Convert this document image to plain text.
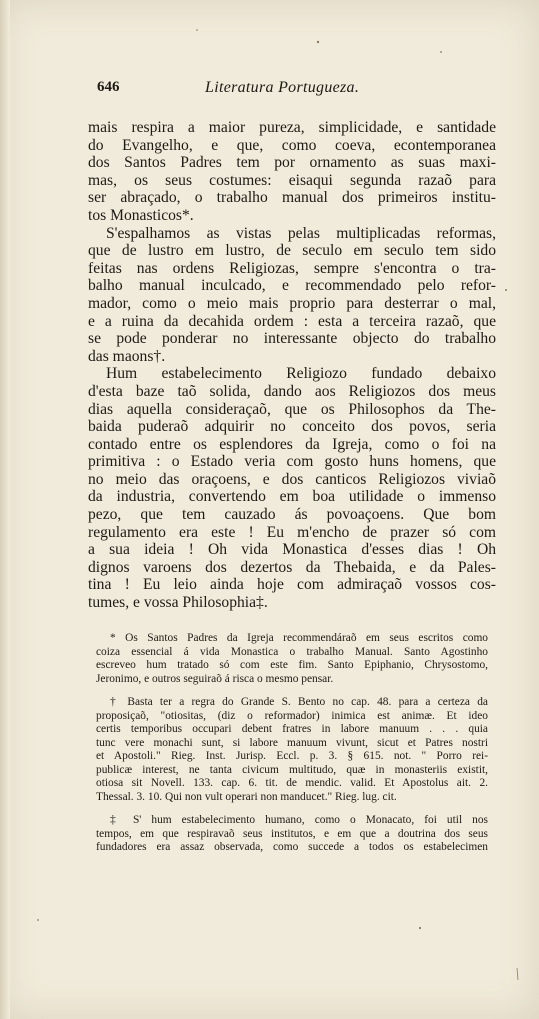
646	Literatura Portugueza.
mais respira a maior pureza, simplicidade, e santidade
do Evangelho, e que, como coeva, econtemporanea
dos Santos Padres tem por ornamento as suas maxi-
mas, os seus costumes: eisaqui segunda razaõ para
ser abraçado, o trabalho manual dos primeiros institu-
tos Monasticos*.
S'espalhamos as vistas pelas multiplicadas reformas,
que de lustro em lustro, de seculo em seculo tem sido
feitas nas ordens Religiozas, sempre s'encontra o tra-
balho manual inculcado, e recommendado pelo refor-
mador, como o meio mais proprio para desterrar o mal,
e a ruina da decahida ordem : esta a terceira razaõ, que
se pode ponderar no interessante objecto do trabalho
das maons†.
Hum estabelecimento Religiozo fundado debaixo
d'esta baze taõ solida, dando aos Religiozos dos meus
dias aquella consideraçaõ, que os Philosophos da The-
baida puderaõ adquirir no conceito dos povos, seria
contado entre os esplendores da Igreja, como o foi na
primitiva : o Estado veria com gosto huns homens, que
no meio das oraçoens, e dos canticos Religiozos viviaõ
da industria, convertendo em boa utilidade o immenso
pezo, que tem cauzado ás povoaçoens. Que bom
regulamento era este ! Eu m'encho de prazer só com
a sua ideia ! Oh vida Monastica d'esses dias ! Oh
dignos varoens dos dezertos da Thebaida, e da Pales-
tina ! Eu leio ainda hoje com admiraçaõ vossos cos-
tumes, e vossa Philosophia‡.
* Os Santos Padres da Igreja recommendáraõ em seus escritos como
coiza essencial á vida Monastica o trabalho Manual. Santo Agostinho
escreveo hum tratado só com este fim. Santo Epiphanio, Chrysostomo,
Jeronimo, e outros seguiraõ á risca o mesmo pensar.
† Basta ter a regra do Grande S. Bento no cap. 48. para a certeza da
proposiçaõ, "otiositas, (diz o reformador) inimica est animæ. Et ideo
certis temporibus occupari debent fratres in labore manuum . . . quia
tunc vere monachi sunt, si labore manuum vivunt, sicut et Patres nostri
et Apostoli." Rieg. Inst. Jurisp. Eccl. p. 3. § 615. not. " Porro rei-
publicæ interest, ne tanta civicum multitudo, quæ in monasteriis existit,
otiosa sit Novell. 133. cap. 6. tit. de mendic. valid. Et Apostolus ait. 2.
Thessal. 3. 10. Qui non vult operari non manducet." Rieg. lug. cit.
‡ S' hum estabelecimento humano, como o Monacato, foi util nos
tempos, em que respiravaõ seus institutos, e em que a doutrina dos seus
fundadores era assaz observada, como succede a todos os estabelecimen
